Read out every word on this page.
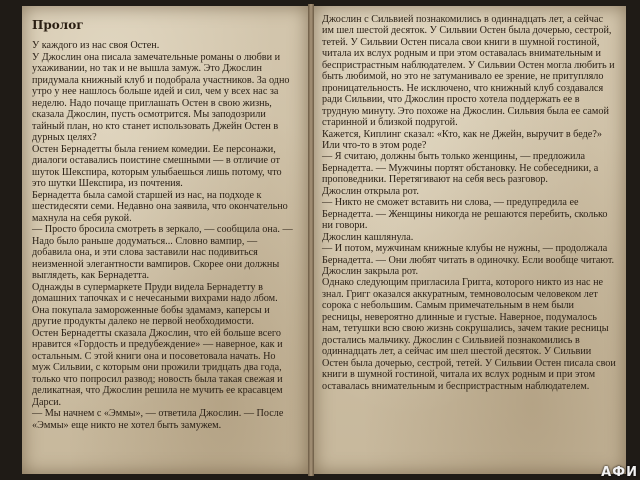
Пролог

У каждого из нас своя Остен.

У Джослин она писала замечательные романы о любви и ухаживании, но так и не вышла замуж. Это Джослин придумала книжный клуб и подобрала участников. За одно утро у нее нашлось больше идей и сил, чем у всех нас за неделю. Надо почаще приглашать Остен в свою жизнь, сказала Джослин, пусть осмотрится. Мы заподозрили тайный план, но кто станет использовать Джейн Остен в дурных целях?

Остен Бернадетты была гением комедии. Ее персонажи, диалоги оставались поистине смешными — в отличие от шуток Шекспира, которым улыбаешься лишь потому, что это шутки Шекспира, из почтения.

Бернадетта была самой старшей из нас, на подходе к шестидесяти семи. Недавно она заявила, что окончательно махнула на себя рукой.

— Просто бросила смотреть в зеркало, — сообщила она. — Надо было раньше додуматься... Словно вампир, — добавила она, и эти слова заставили нас подивиться неизменной элегантности вампиров. Скорее они должны выглядеть, как Бернадетта.

Однажды в супермаркете Пруди видела Бернадетту в домашних тапочках и с нечесаными вихрами надо лбом. Она покупала замороженные бобы эдамамэ, каперсы и другие продукты далеко не первой необходимости.

Остен Бернадетты сказала Джослин, что ей больше всего нравится «Гордость и предубеждение» — наверное, как и остальным. С этой книги она и посоветовала начать. Но муж Сильвии, с которым они прожили тридцать два года, только что попросил развод; новость была такая свежая и деликатная, что Джослин решила не мучить ее красавцем Дарси.

— Мы начнем с «Эммы», — ответила Джослин. — После «Эммы» еще никто не хотел быть замужем.

Джослин с Сильвией познакомились в одиннадцать лет, а сейчас им шел шестой десяток. У Сильвии Остен была дочерью, сестрой, тетей. У Сильвии Остен писала свои книги в шумной гостиной, читала их вслух родным и при этом оставалась внимательным и беспристрастным наблюдателем. У Сильвии Остен могла любить и быть любимой, но это не затуманивало ее зрение, не притупляло проницательность. Не исключено, что книжный клуб создавался ради Сильвии, что Джослин просто хотела поддержать ее в трудную минуту. Это похоже на Джослин. Сильвия была ее самой старинной и близкой подругой.

Кажется, Киплинг сказал: «Кто, как не Джейн, выручит в беде?» Или что-то в этом роде?

— Я считаю, должны быть только женщины, — предложила Бернадетта. — Мужчины портят обстановку. Не собеседники, а проповедники. Перетягивают на себя весь разговор.

Джослин открыла рот.

— Никто не сможет вставить ни слова, — предупредила ее Бернадетта. — Женщины никогда не решаются перебить, сколько ни говори.

Джослин кашлянула.

— И потом, мужчинам книжные клубы не нужны, — продолжала Бернадетта. — Они любят читать в одиночку. Если вообще читают.

Джослин закрыла рот.

Однако следующим пригласила Григга, которого никто из нас не знал. Григг оказался аккуратным, темноволосым человеком лет сорока с небольшим. Самым примечательным в нем были ресницы, невероятно длинные и густые. Наверное, подумалось нам, тетушки всю свою жизнь сокрушались, зачем такие ресницы достались мальчику. Джослин с Сильвией познакомились в одиннадцать лет, а сейчас им шел шестой десяток. У Сильвии Остен была дочерью, сестрой, тетей. У Сильвии Остен писала свои книги в шумной гостиной, читала их вслух родным и при этом оставалась внимательным и беспристрастным наблюдателем.

АФИ
